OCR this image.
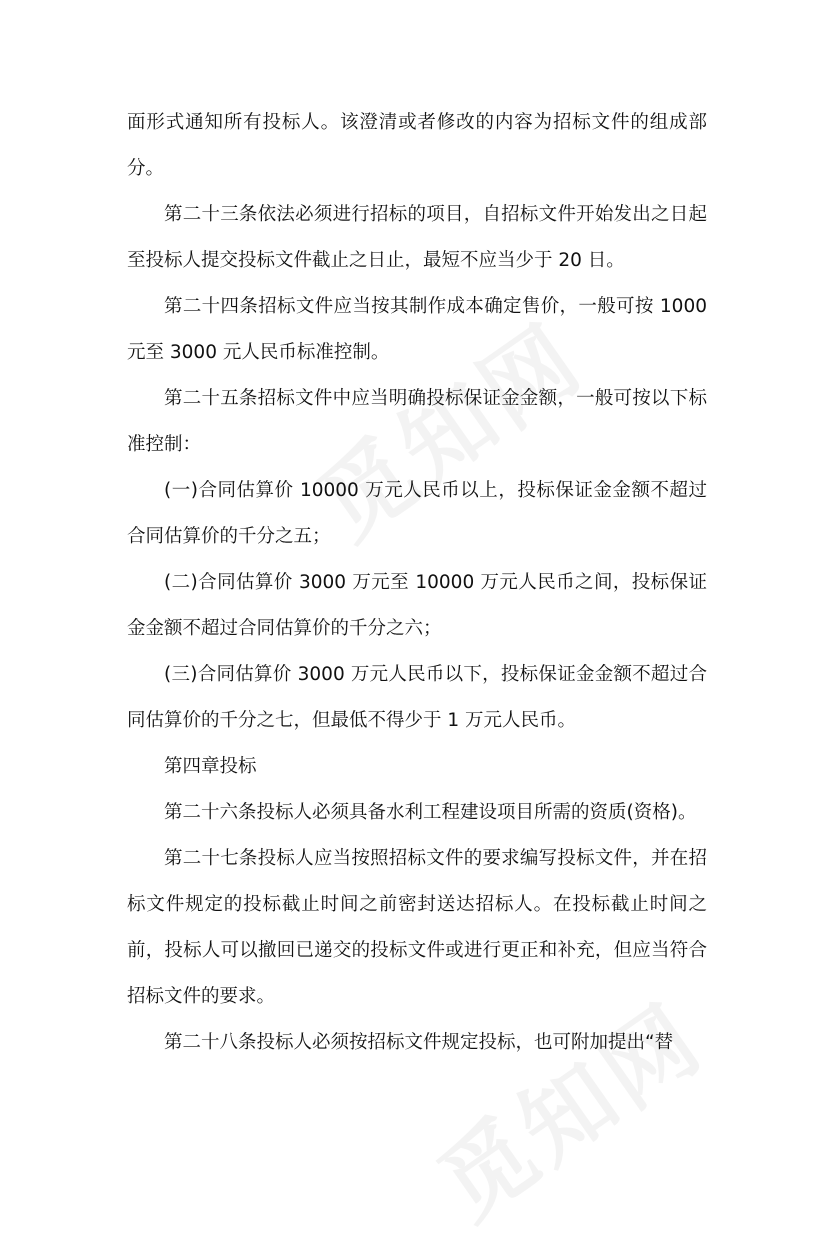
面形式通知所有投标人。该澄清或者修改的内容为招标文件的组成部分。

第二十三条依法必须进行招标的项目，自招标文件开始发出之日起至投标人提交投标文件截止之日止，最短不应当少于 20 日。

第二十四条招标文件应当按其制作成本确定售价，一般可按 1000 元至 3000 元人民币标准控制。

第二十五条招标文件中应当明确投标保证金金额，一般可按以下标准控制：

(一)合同估算价 10000 万元人民币以上，投标保证金金额不超过合同估算价的千分之五；

(二)合同估算价 3000 万元至 10000 万元人民币之间，投标保证金金额不超过合同估算价的千分之六；

(三)合同估算价 3000 万元人民币以下，投标保证金金额不超过合同估算价的千分之七，但最低不得少于 1 万元人民币。

第四章投标

第二十六条投标人必须具备水利工程建设项目所需的资质(资格)。

第二十七条投标人应当按照招标文件的要求编写投标文件，并在招标文件规定的投标截止时间之前密封送达招标人。在投标截止时间之前，投标人可以撤回已递交的投标文件或进行更正和补充，但应当符合招标文件的要求。

第二十八条投标人必须按招标文件规定投标，也可附加提出“替
